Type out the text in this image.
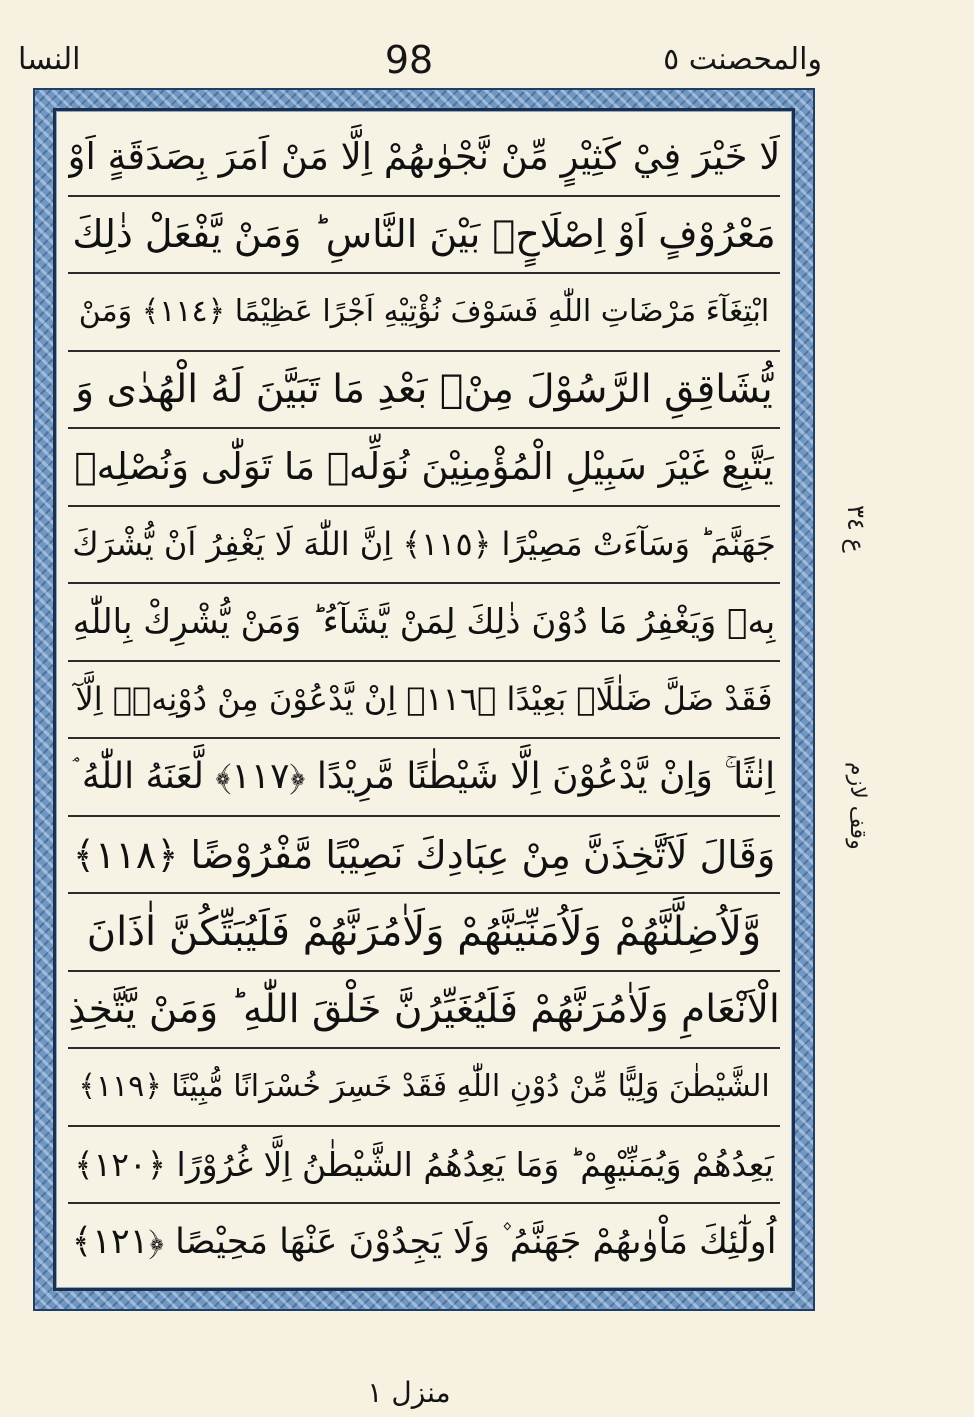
والمحصنت ٥
98
النسا
لَا خَيْرَ فِيْ كَثِيْرٍ مِّنْ نَّجْوٰىهُمْ اِلَّا مَنْ اَمَرَ بِصَدَقَةٍ اَوْ
مَعْرُوْفٍ اَوْ اِصْلَاحٍۭ بَيْنَ النَّاسِ ؕ وَمَنْ يَّفْعَلْ ذٰلِكَ
ابْتِغَآءَ مَرْضَاتِ اللّٰهِ فَسَوْفَ نُؤْتِيْهِ اَجْرًا عَظِيْمًا ﴿١١٤﴾ وَمَنْ
يُّشَاقِقِ الرَّسُوْلَ مِنْۢ بَعْدِ مَا تَبَيَّنَ لَهُ الْهُدٰى وَ
يَتَّبِعْ غَيْرَ سَبِيْلِ الْمُؤْمِنِيْنَ نُوَلِّهٖ مَا تَوَلّٰى وَنُصْلِهٖ
جَهَنَّمَ ؕ وَسَآءَتْ مَصِيْرًا ﴿١١٥﴾ اِنَّ اللّٰهَ لَا يَغْفِرُ اَنْ يُّشْرَكَ
بِهٖ وَيَغْفِرُ مَا دُوْنَ ذٰلِكَ لِمَنْ يَّشَآءُ ؕ وَمَنْ يُّشْرِكْ بِاللّٰهِ
فَقَدْ ضَلَّ ضَلٰلًاۢ بَعِيْدًا ﴿١١٦﴾ اِنْ يَّدْعُوْنَ مِنْ دُوْنِهٖۤ اِلَّآ
اِنٰثًا ۚ وَاِنْ يَّدْعُوْنَ اِلَّا شَيْطٰنًا مَّرِيْدًا ﴿١١٧﴾ لَّعَنَهُ اللّٰهُ ۘ
وَقَالَ لَاَتَّخِذَنَّ مِنْ عِبَادِكَ نَصِيْبًا مَّفْرُوْضًا ﴿١١٨﴾
وَّلَاُضِلَّنَّهُمْ وَلَاُمَنِّيَنَّهُمْ وَلَاٰمُرَنَّهُمْ فَلَيُبَتِّكُنَّ اٰذَانَ
الْاَنْعَامِ وَلَاٰمُرَنَّهُمْ فَلَيُغَيِّرُنَّ خَلْقَ اللّٰهِ ؕ وَمَنْ يَّتَّخِذِ
الشَّيْطٰنَ وَلِيًّا مِّنْ دُوْنِ اللّٰهِ فَقَدْ خَسِرَ خُسْرَانًا مُّبِيْنًا ﴿١١٩﴾
يَعِدُهُمْ وَيُمَنِّيْهِمْ ؕ وَمَا يَعِدُهُمُ الشَّيْطٰنُ اِلَّا غُرُوْرًا ﴿١٢٠﴾
اُولٰٓئِكَ مَاْوٰىهُمْ جَهَنَّمُ ۫ وَلَا يَجِدُوْنَ عَنْهَا مَحِيْصًا ﴿١٢١﴾
ع ٣٤
وقف لازم
منزل ١
